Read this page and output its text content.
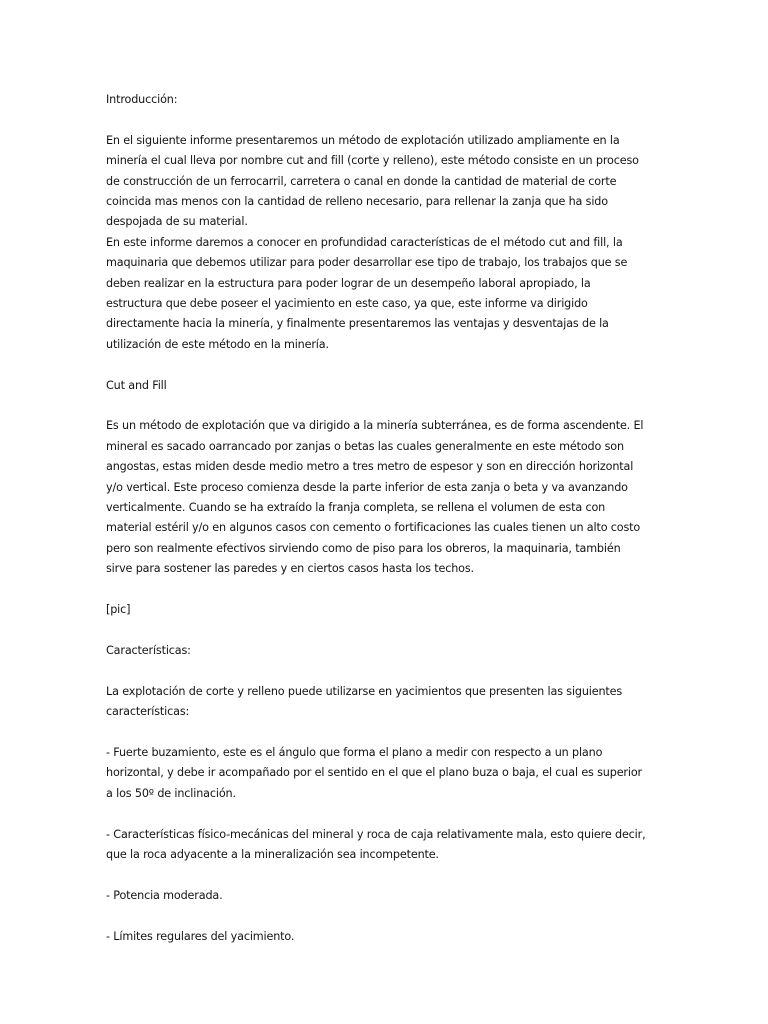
Introducción:
En el siguiente informe presentaremos un método de explotación utilizado ampliamente en la
minería el cual lleva por nombre cut and fill (corte y relleno), este método consiste en un proceso
de construcción de un ferrocarril, carretera o canal en donde la cantidad de material de corte
coincida mas menos con la cantidad de relleno necesario, para rellenar la zanja que ha sido
despojada de su material.
En este informe daremos a conocer en profundidad características de el método cut and fill, la
maquinaria que debemos utilizar para poder desarrollar ese tipo de trabajo, los trabajos que se
deben realizar en la estructura para poder lograr de un desempeño laboral apropiado, la
estructura que debe poseer el yacimiento en este caso, ya que, este informe va dirigido
directamente hacia la minería, y finalmente presentaremos las ventajas y desventajas de la
utilización de este método en la minería.
Cut and Fill
Es un método de explotación que va dirigido a la minería subterránea, es de forma ascendente. El
mineral es sacado oarrancado por zanjas o betas las cuales generalmente en este método son
angostas, estas miden desde medio metro a tres metro de espesor y son en dirección horizontal
y/o vertical. Este proceso comienza desde la parte inferior de esta zanja o beta y va avanzando
verticalmente. Cuando se ha extraído la franja completa, se rellena el volumen de esta con
material estéril y/o en algunos casos con cemento o fortificaciones las cuales tienen un alto costo
pero son realmente efectivos sirviendo como de piso para los obreros, la maquinaria, también
sirve para sostener las paredes y en ciertos casos hasta los techos.
[pic]
Características:
La explotación de corte y relleno puede utilizarse en yacimientos que presenten las siguientes
características:
- Fuerte buzamiento, este es el ángulo que forma el plano a medir con respecto a un plano
horizontal, y debe ir acompañado por el sentido en el que el plano buza o baja, el cual es superior
a los 50º de inclinación.
- Características físico-mecánicas del mineral y roca de caja relativamente mala, esto quiere decir,
que la roca adyacente a la mineralización sea incompetente.
- Potencia moderada.
- Límites regulares del yacimiento.
